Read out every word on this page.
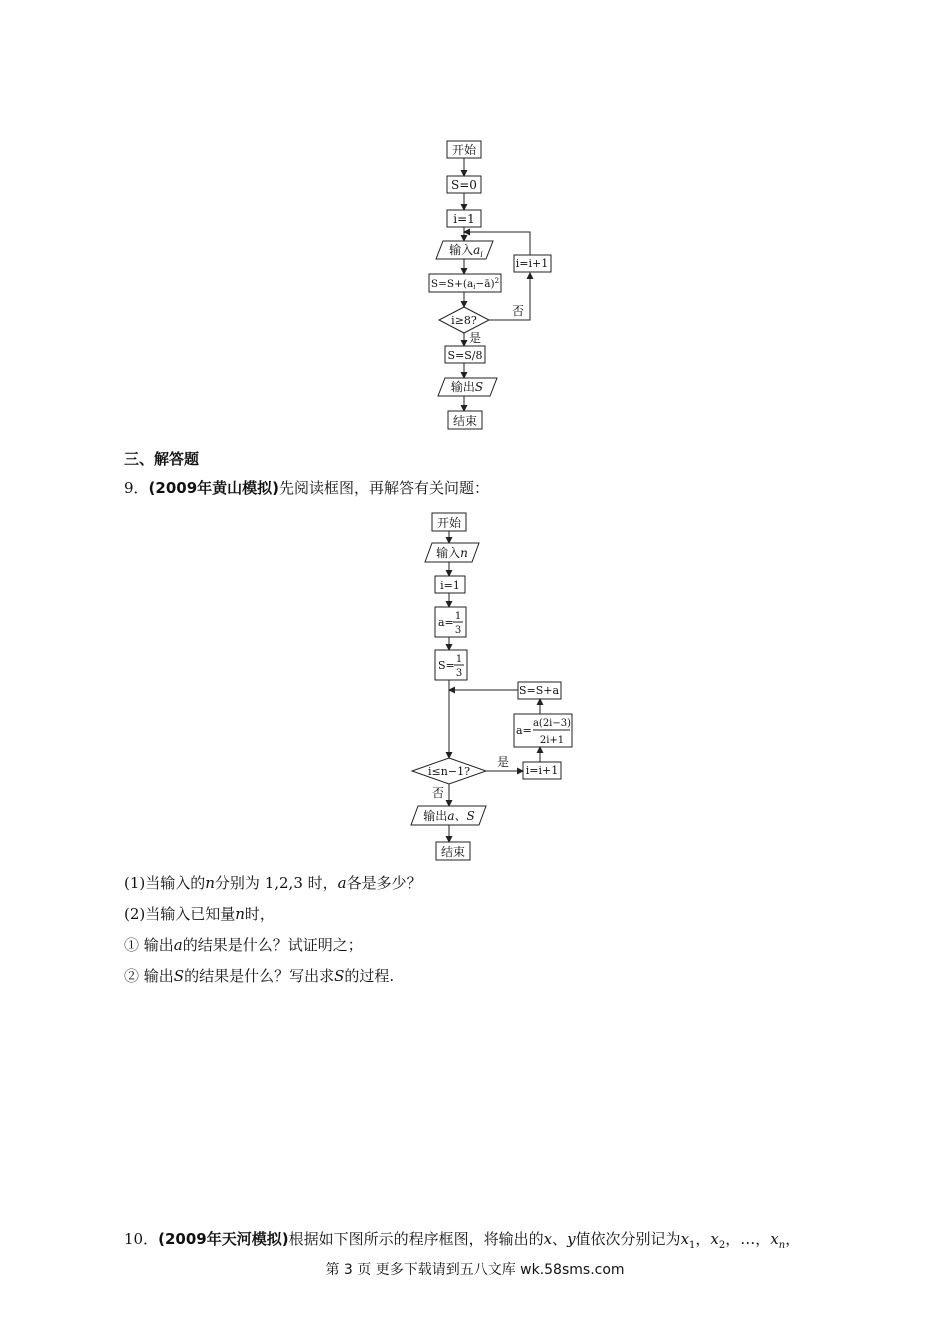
开始
S=0
i=1
输入$a_i$
S=S+(ai−ā)$^2$
i≥8?
否
i=i+1
是
S=S/8
输出S
结束
三、解答题
9．(2009年黄山模拟)先阅读框图，再解答有关问题：
开始
输入n
i=1
a= 1
3
S= 1
3
S=S+a
a=
a(2i−3)
2i+1
i≤n−1?
是
i=i+1
否
输出a、S
结束
(1)当输入的n分别为 1,2,3 时，a各是多少？
(2)当输入已知量n时，
① 输出a的结果是什么？试证明之；
② 输出S的结果是什么？写出求S的过程.
10．(2009年天河模拟)根据如下图所示的程序框图，将输出的x、y值依次分别记为$x_1$，$x_2$，…，$x_n$，
第 3 页 更多下载请到五八文库 wk.58sms.com
